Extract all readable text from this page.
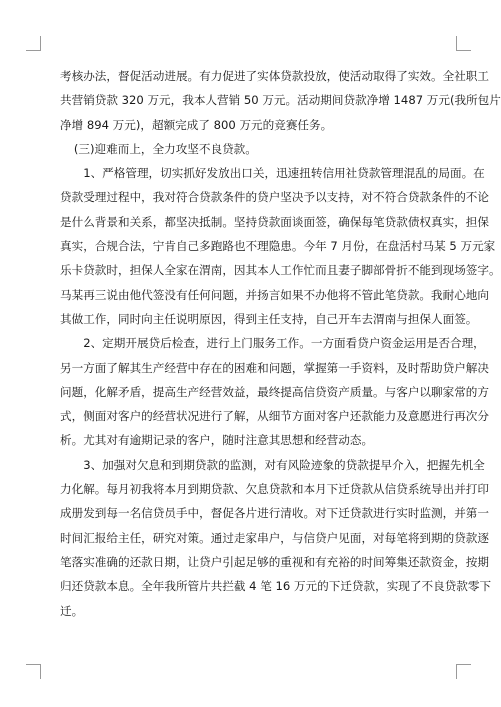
考核办法，督促活动进展。有力促进了实体贷款投放，使活动取得了实效。全社职工
共营销贷款 320 万元，我本人营销 50 万元。活动期间贷款净增 1487 万元(我所包片
净增 894 万元)，超额完成了 800 万元的竞赛任务。
(三)迎难而上，全力攻坚不良贷款。
1、严格管理，切实抓好发放出口关，迅速扭转信用社贷款管理混乱的局面。在
贷款受理过程中，我对符合贷款条件的贷户坚决予以支持，对不符合贷款条件的不论
是什么背景和关系，都坚决抵制。坚持贷款面谈面签，确保每笔贷款债权真实，担保
真实，合规合法，宁肯自己多跑路也不理隐患。今年 7 月份，在盘活村马某 5 万元家
乐卡贷款时，担保人全家在渭南，因其本人工作忙而且妻子脚部骨折不能到现场签字。
马某再三说由他代签没有任何问题，并扬言如果不办他将不管此笔贷款。我耐心地向
其做工作，同时向主任说明原因，得到主任支持，自己开车去渭南与担保人面签。
2、定期开展贷后检查，进行上门服务工作。一方面看贷户资金运用是否合理，
另一方面了解其生产经营中存在的困难和问题，掌握第一手资料，及时帮助贷户解决
问题，化解矛盾，提高生产经营效益，最终提高信贷资产质量。与客户以聊家常的方
式，侧面对客户的经营状况进行了解，从细节方面对客户还款能力及意愿进行再次分
析。尤其对有逾期记录的客户，随时注意其思想和经营动态。
3、加强对欠息和到期贷款的监测，对有风险迹象的贷款提早介入，把握先机全
力化解。每月初我将本月到期贷款、欠息贷款和本月下迁贷款从信贷系统导出并打印
成册发到每一名信贷员手中，督促各片进行清收。对下迁贷款进行实时监测，并第一
时间汇报给主任，研究对策。通过走家串户，与信贷户见面，对每笔将到期的贷款逐
笔落实准确的还款日期，让贷户引起足够的重视和有充裕的时间筹集还款资金，按期
归还贷款本息。全年我所管片共拦截 4 笔 16 万元的下迁贷款，实现了不良贷款零下
迁。
